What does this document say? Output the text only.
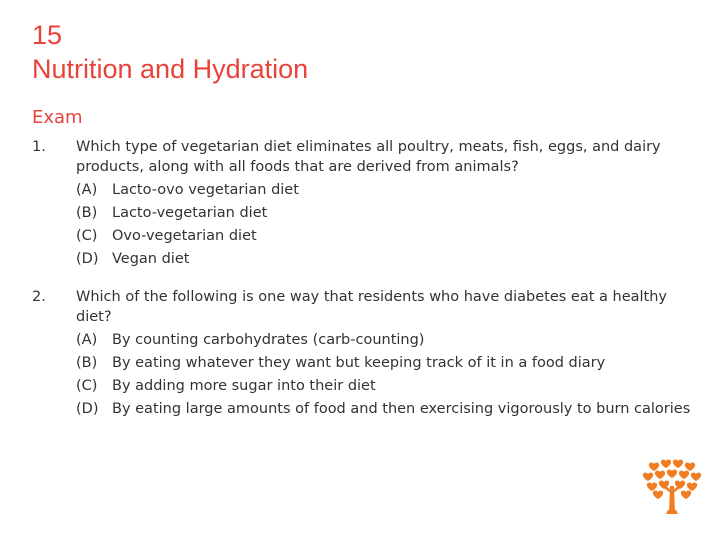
15
Nutrition and Hydration
Exam
1. Which type of vegetarian diet eliminates all poultry, meats, fish, eggs, and dairy products, along with all foods that are derived from animals?
(A) Lacto-ovo vegetarian diet
(B) Lacto-vegetarian diet
(C) Ovo-vegetarian diet
(D) Vegan diet
2. Which of the following is one way that residents who have diabetes eat a healthy diet?
(A) By counting carbohydrates (carb-counting)
(B) By eating whatever they want but keeping track of it in a food diary
(C) By adding more sugar into their diet
(D) By eating large amounts of food and then exercising vigorously to burn calories
